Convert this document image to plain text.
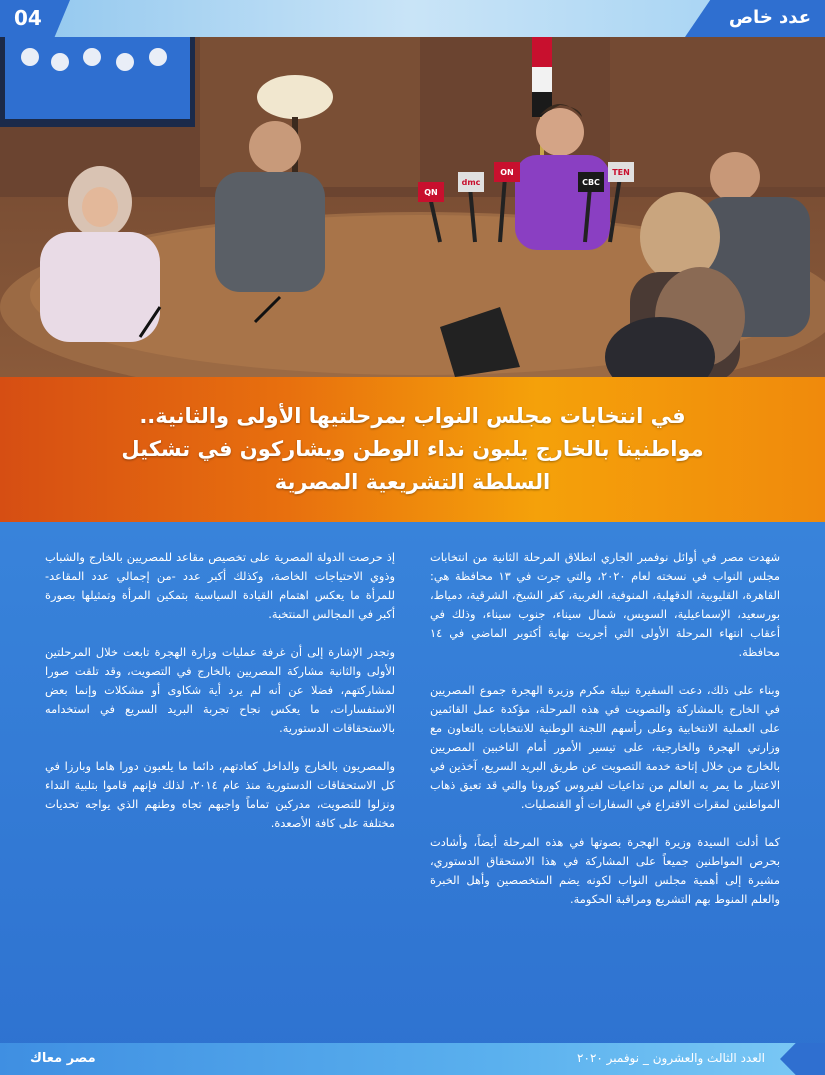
04	عدد خاص
QN
dmc
ON
CBC
TEN
في انتخابات مجلس النواب بمرحلتيها الأولى والثانية..
مواطنينا بالخارج يلبون نداء الوطن ويشاركون في تشكيل
السلطة التشريعية المصرية

شهدت مصر في أوائل نوفمبر الجاري انطلاق المرحلة الثانية من انتخابات مجلس النواب في نسخته لعام ٢٠٢٠، والتي جرت في ١٣ محافظة هي: القاهرة، القليوبية، الدقهلية، المنوفية، الغربية، كفر الشيخ، الشرقية، دمياط، بورسعيد، الإسماعيلية، السويس، شمال سيناء، جنوب سيناء، وذلك في أعقاب انتهاء المرحلة الأولى التي أجريت نهاية أكتوبر الماضي في ١٤ محافظة.

وبناء على ذلك، دعت السفيرة نبيلة مكرم وزيرة الهجرة جموع المصريين في الخارج بالمشاركة والتصويت في هذه المرحلة، مؤكدة عمل القائمين على العملية الانتخابية وعلى رأسهم اللجنة الوطنية للانتخابات بالتعاون مع وزارتي الهجرة والخارجية، على تيسير الأمور أمام الناخبين المصريين بالخارج من خلال إتاحة خدمة التصويت عن طريق البريد السريع، آخذين في الاعتبار ما يمر به العالم من تداعيات لفيروس كورونا والتي قد تعيق ذهاب المواطنين لمقرات الاقتراع في السفارات أو القنصليات.

كما أدلت السيدة وزيرة الهجرة بصوتها في هذه المرحلة أيضاً، وأشادت بحرص المواطنين جميعاً على المشاركة في هذا الاستحقاق الدستوري، مشيرة إلى أهمية مجلس النواب لكونه يضم المتخصصين وأهل الخبرة والعلم المنوط بهم التشريع ومراقبة الحكومة.

إذ حرصت الدولة المصرية على تخصيص مقاعد للمصريين بالخارج والشباب وذوي الاحتياجات الخاصة، وكذلك أكبر عدد -من إجمالي عدد المقاعد- للمرأة ما يعكس اهتمام القيادة السياسية بتمكين المرأة وتمثيلها بصورة أكبر في المجالس المنتخبة.

وتجدر الإشارة إلى أن غرفة عمليات وزارة الهجرة تابعت خلال المرحلتين الأولى والثانية مشاركة المصريين بالخارج في التصويت، وقد تلقت صورا لمشاركتهم، فضلا عن أنه لم يرد أية شكاوى أو مشكلات وإنما بعض الاستفسارات، ما يعكس نجاح تجربة البريد السريع في استخدامه بالاستحقاقات الدستورية.

والمصريون بالخارج والداخل كعادتهم، دائما ما يلعبون دورا هاما وبارزا في كل الاستحقاقات الدستورية منذ عام ٢٠١٤، لذلك فإنهم قاموا بتلبية النداء ونزلوا للتصويت، مدركين تماماً واجبهم تجاه وطنهم الذي يواجه تحديات مختلفة على كافة الأصعدة.

مصر معاك	العدد الثالث والعشرون _ نوفمبر ٢٠٢٠
